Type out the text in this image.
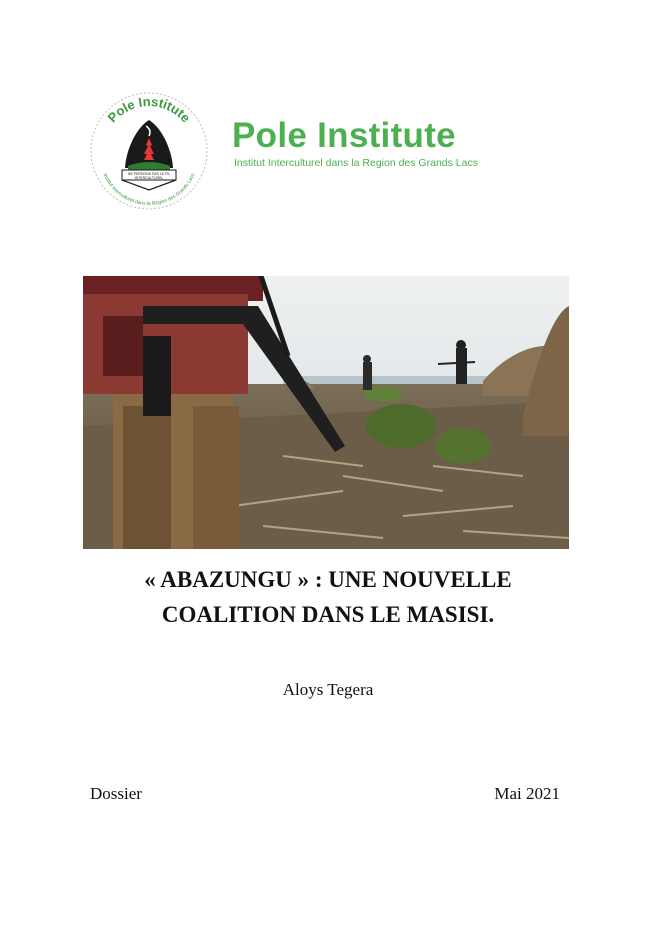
Pole Institute
Institut Interculturel dans la Région des Grands Lacs
NE PERDONS PAS LE FIL
INTERCULTUREL
Pole Institute
Institut Interculturel dans la Region des Grands Lacs
« ABAZUNGU » : UNE NOUVELLE
COALITION DANS LE MASISI.
Aloys Tegera
Dossier	Mai 2021
